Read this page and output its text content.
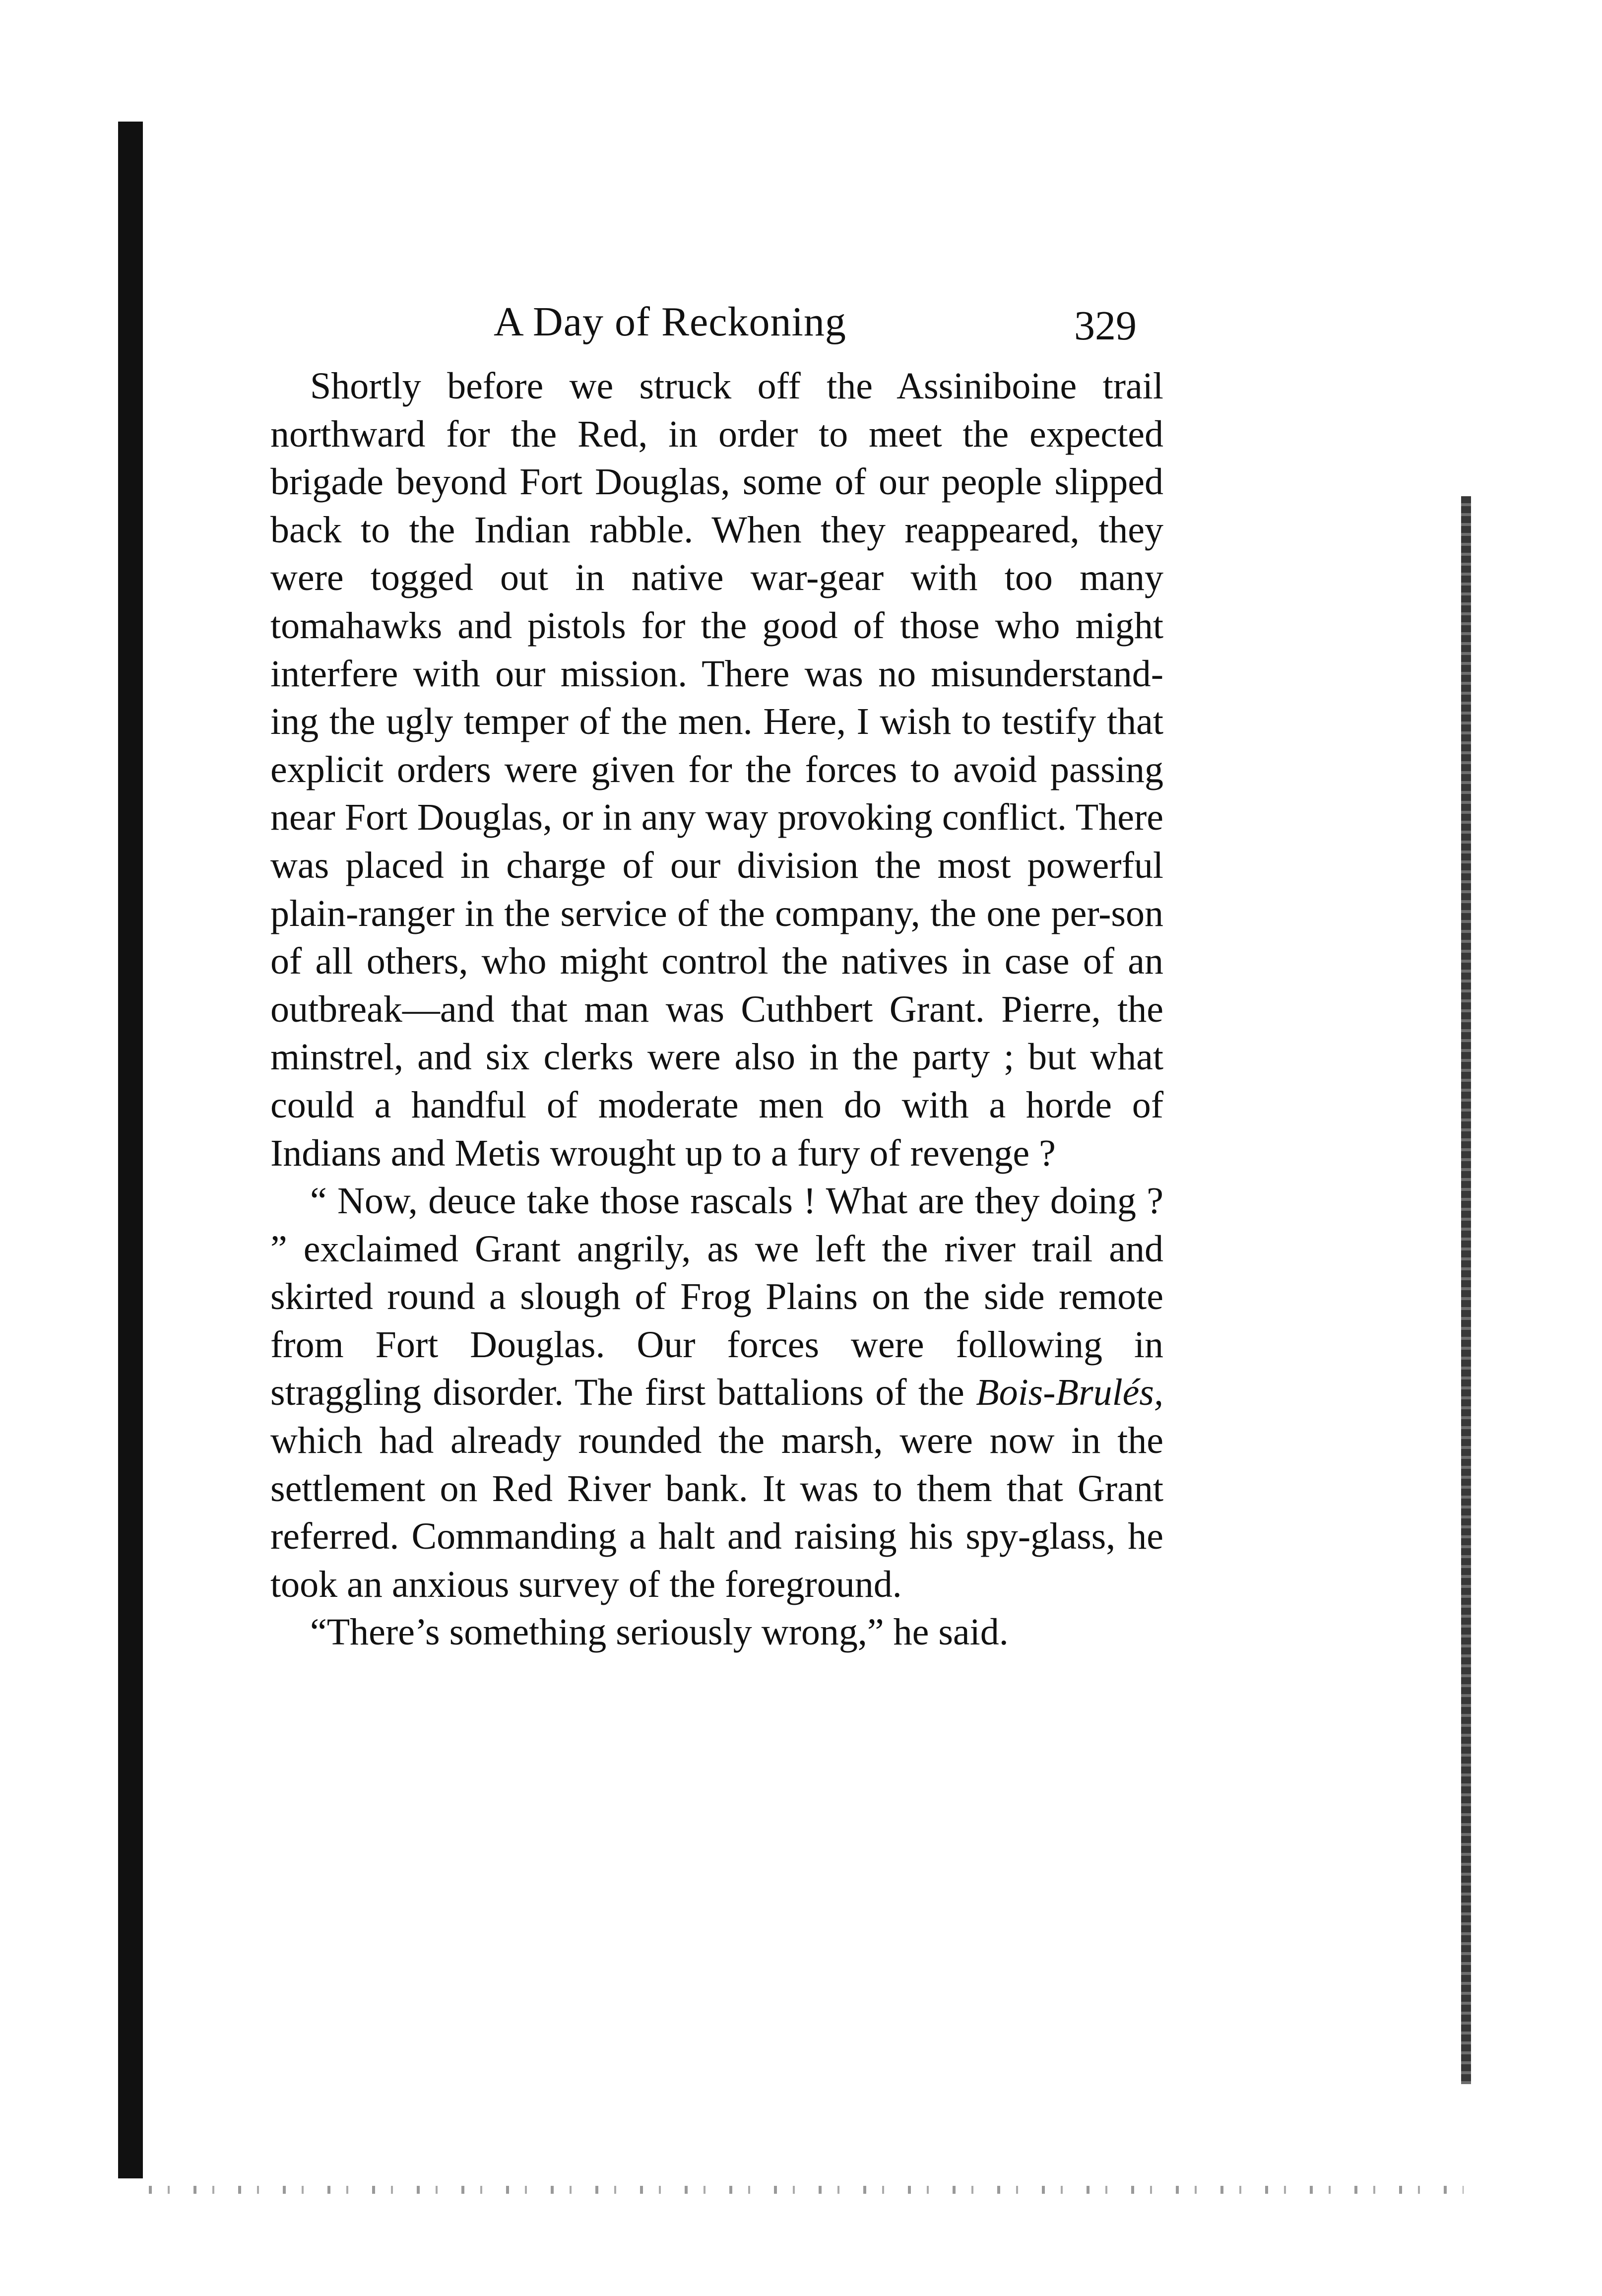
A Day of Reckoning	329

Shortly before we struck off the Assiniboine trail northward for the Red, in order to meet the expected brigade beyond Fort Douglas, some of our people slipped back to the Indian rabble. When they reappeared, they were togged out in native war-gear with too many tomahawks and pistols for the good of those who might interfere with our mission. There was no misunderstand-ing the ugly temper of the men. Here, I wish to testify that explicit orders were given for the forces to avoid passing near Fort Douglas, or in any way provoking conflict. There was placed in charge of our division the most powerful plain-ranger in the service of the company, the one per-son of all others, who might control the natives in case of an outbreak—and that man was Cuthbert Grant. Pierre, the minstrel, and six clerks were also in the party ; but what could a handful of moderate men do with a horde of Indians and Metis wrought up to a fury of revenge ?

“ Now, deuce take those rascals ! What are they doing ? ” exclaimed Grant angrily, as we left the river trail and skirted round a slough of Frog Plains on the side remote from Fort Douglas. Our forces were following in straggling disorder. The first battalions of the Bois-Brulés, which had already rounded the marsh, were now in the settlement on Red River bank. It was to them that Grant referred. Commanding a halt and raising his spy-glass, he took an anxious survey of the foreground.

“There’s something seriously wrong,” he said.
